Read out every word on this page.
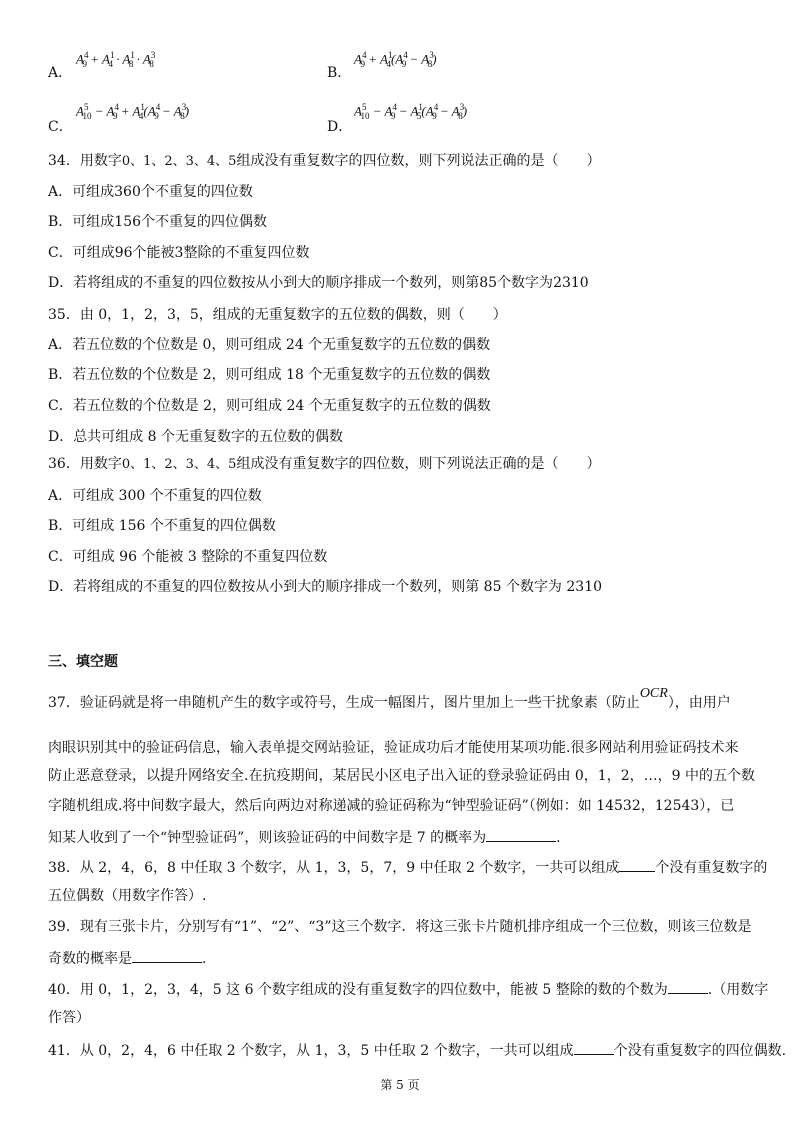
A．
$A^4_9 + A^1_4 \cdot A^1_8 \cdot A^3_8$
B．
$A^4_9 + A^1_4(A^4_9 - A^3_8)$
C．
$A^5_{10} - A^4_9 + A^1_4(A^4_9 - A^3_8)$
D．
$A^5_{10} - A^4_9 - A^1_5(A^4_9 - A^3_8)$
34．用数字0、1、2、3、4、5组成没有重复数字的四位数，则下列说法正确的是（　　）
A．可组成360个不重复的四位数
B．可组成156个不重复的四位偶数
C．可组成96个能被3整除的不重复四位数
D．若将组成的不重复的四位数按从小到大的顺序排成一个数列，则第85个数字为2310
35．由 0，1，2，3，5，组成的无重复数字的五位数的偶数，则（　　）
A．若五位数的个位数是 0，则可组成 24 个无重复数字的五位数的偶数
B．若五位数的个位数是 2，则可组成 18 个无重复数字的五位数的偶数
C．若五位数的个位数是 2，则可组成 24 个无重复数字的五位数的偶数
D．总共可组成 8 个无重复数字的五位数的偶数
36．用数字0、1、2、3、4、5组成没有重复数字的四位数，则下列说法正确的是（　　）
A．可组成 300 个不重复的四位数
B．可组成 156 个不重复的四位偶数
C．可组成 96 个能被 3 整除的不重复四位数
D．若将组成的不重复的四位数按从小到大的顺序排成一个数列，则第 85 个数字为 2310
三、填空题
37．验证码就是将一串随机产生的数字或符号，生成一幅图片，图片里加上一些干扰象素（防止OCR），由用户
肉眼识别其中的验证码信息，输入表单提交网站验证，验证成功后才能使用某项功能.很多网站利用验证码技术来
防止恶意登录，以提升网络安全.在抗疫期间，某居民小区电子出入证的登录验证码由 0，1，2，…，9 中的五个数
字随机组成.将中间数字最大，然后向两边对称递减的验证码称为“钟型验证码”（例如：如 14532，12543），已
知某人收到了一个“钟型验证码”，则该验证码的中间数字是 7 的概率为	.
38．从 2，4，6，8 中任取 3 个数字，从 1，3，5，7，9 中任取 2 个数字，一共可以组成	个没有重复数字的
五位偶数（用数字作答）.
39．现有三张卡片，分别写有“1”、“2”、“3”这三个数字．将这三张卡片随机排序组成一个三位数，则该三位数是
奇数的概率是	.
40．用 0，1，2，3，4，5 这 6 个数字组成的没有重复数字的四位数中，能被 5 整除的数的个数为	.（用数字
作答）
41．从 0，2，4，6 中任取 2 个数字，从 1，3，5 中任取 2 个数字，一共可以组成	个没有重复数字的四位偶数.
第 5 页
